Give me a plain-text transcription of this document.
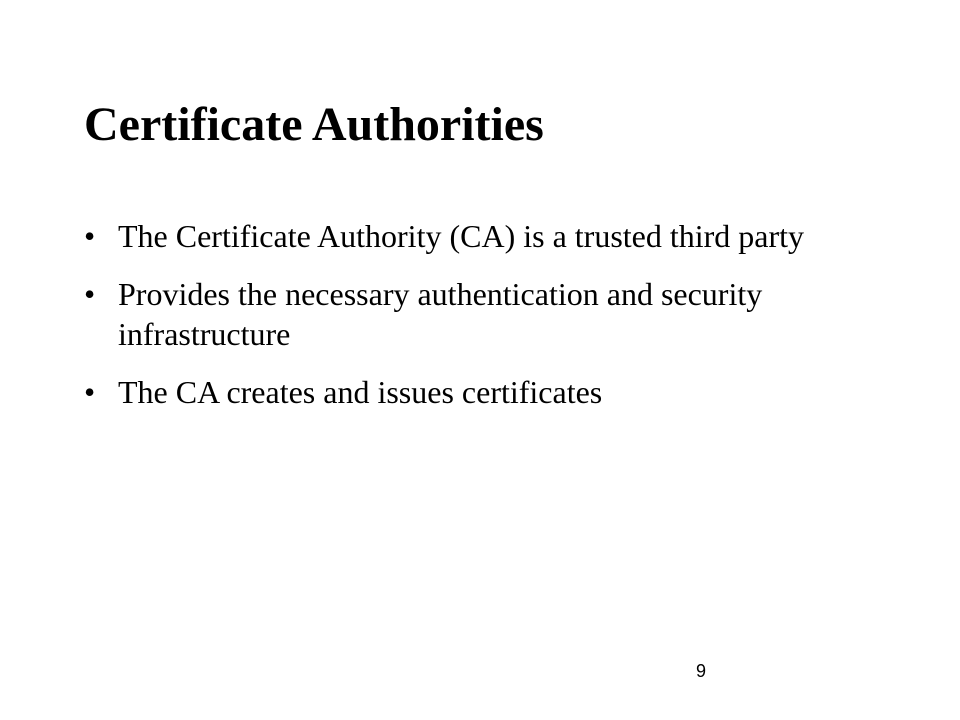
Certificate Authorities
• The Certificate Authority (CA) is a trusted third party
• Provides the necessary authentication and security infrastructure
• The CA creates and issues certificates
9
